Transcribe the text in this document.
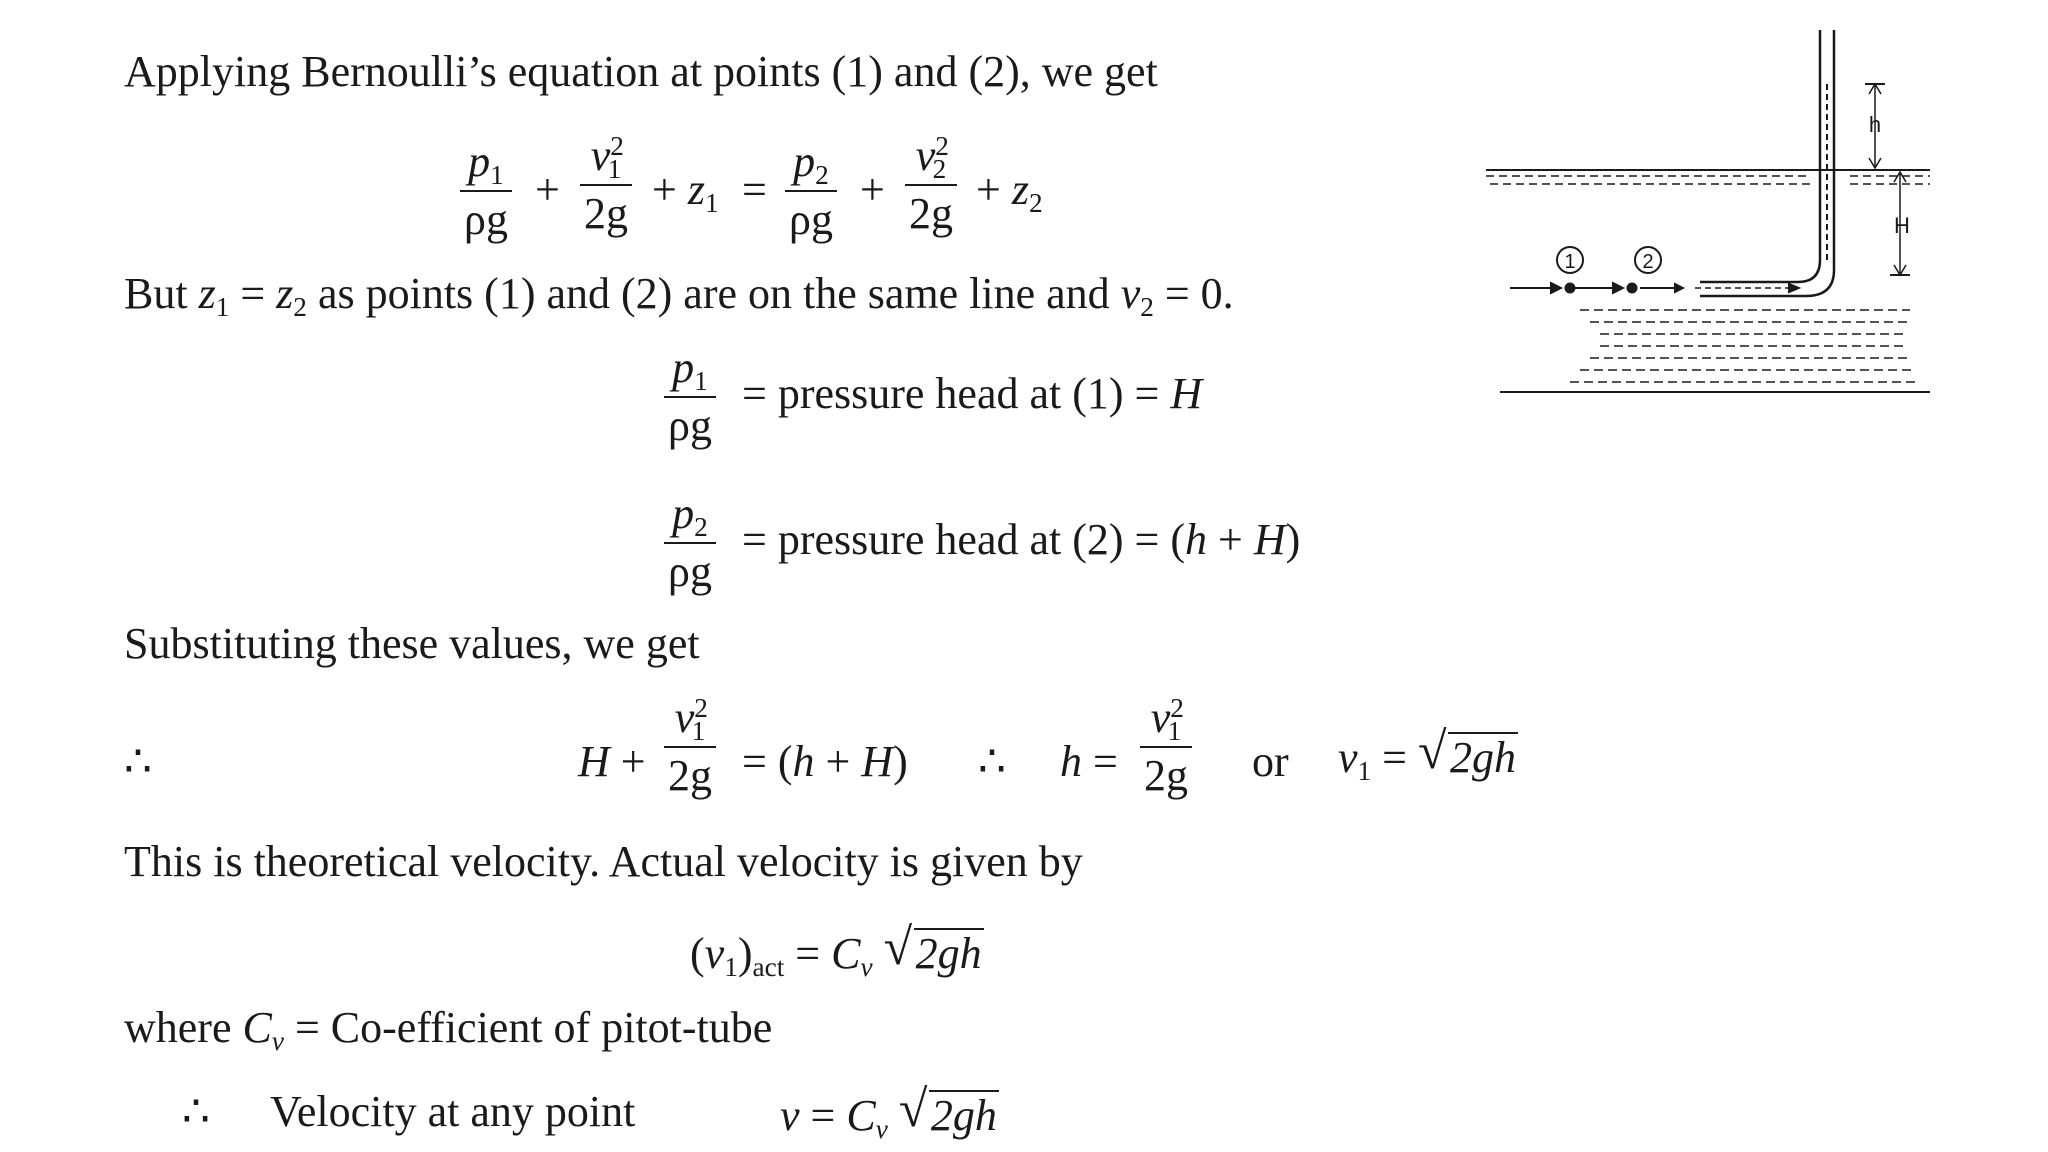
Applying Bernoulli’s equation at points (1) and (2), we get
$\frac{p_1}{\rho g} + \frac{v^2_1}{2g} + z_1 = \frac{p_2}{\rho g} + \frac{v^2_2}{2g} + z_2$
But $z_1 = z_2$ as points (1) and (2) are on the same line and $v_2 = 0$.
$\frac{p_1}{\rho g}$ = pressure head at (1) = H
$\frac{p_2}{\rho g}$ = pressure head at (2) = (h + H)
Substituting these values, we get
∴	$H + \frac{v^2_1}{2g} = (h + H)$ ∴ $h = \frac{v^2_1}{2g}$ or $v_1$ = √ 2gh
This is theoretical velocity. Actual velocity is given by
$(v_1)_{act} = C_v$ √ 2gh
where $C_v$ = Co-efficient of pitot-tube
∴ Velocity at any point	$v = C_v$ √ 2gh
h
H
1	2
